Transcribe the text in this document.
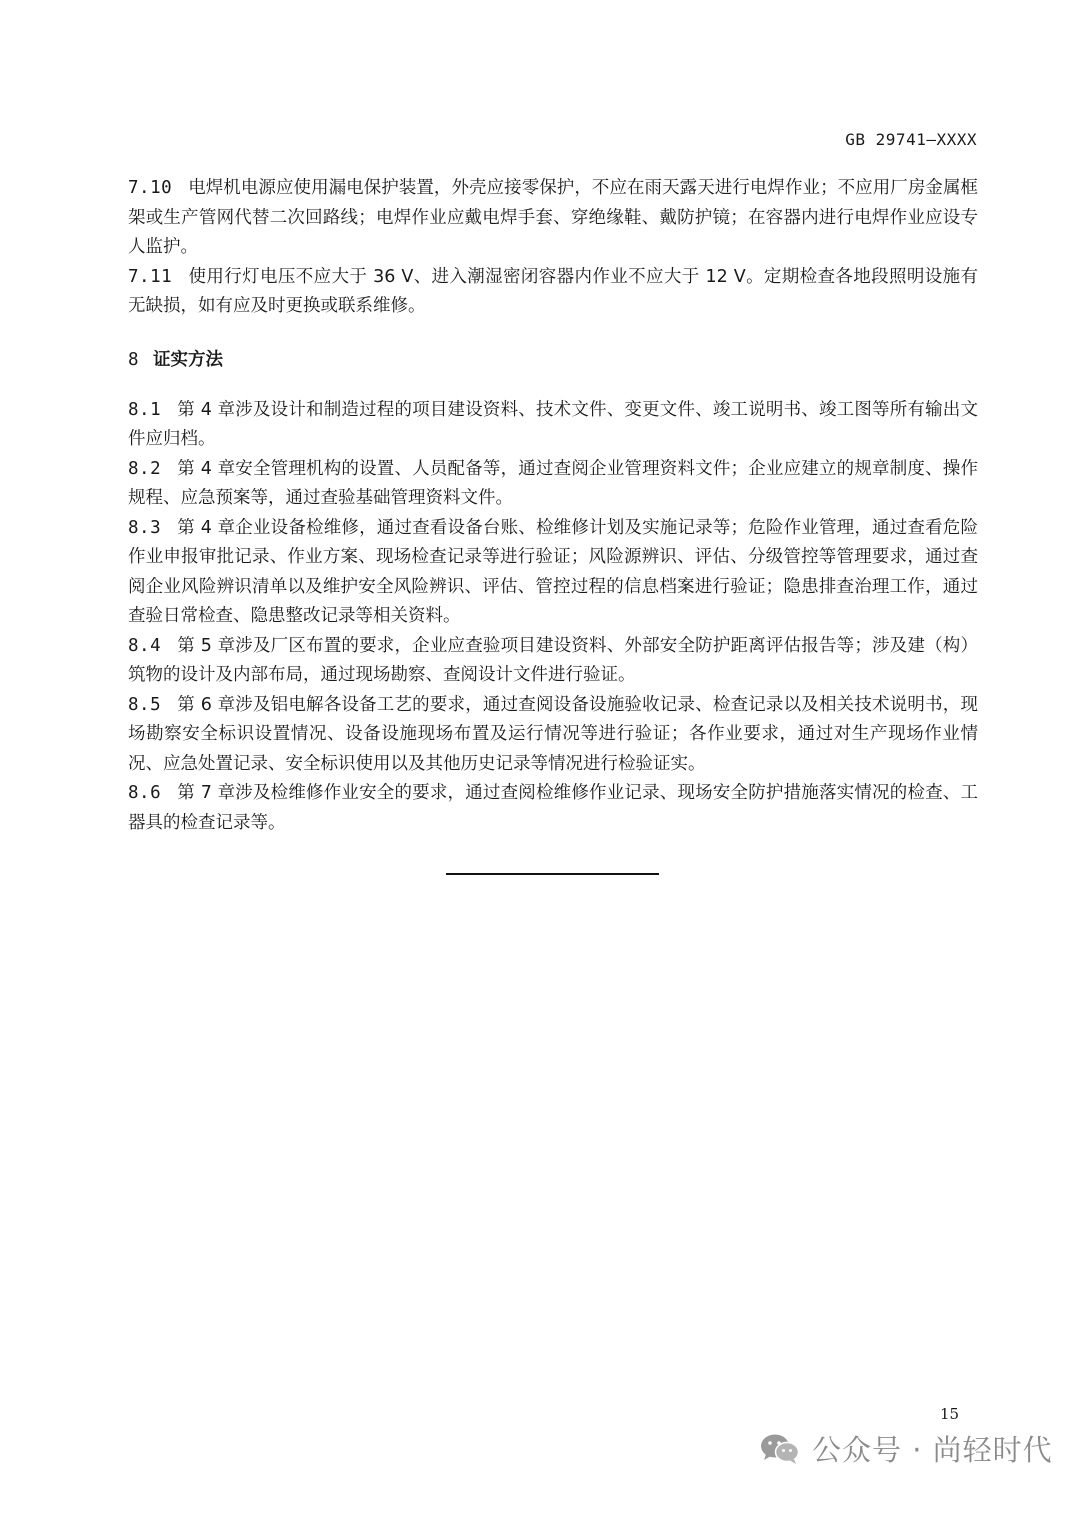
GB 29741—XXXX

7.10 电焊机电源应使用漏电保护装置，外壳应接零保护，不应在雨天露天进行电焊作业；不应用厂房金属框架或生产管网代替二次回路线；电焊作业应戴电焊手套、穿绝缘鞋、戴防护镜；在容器内进行电焊作业应设专人监护。

7.11 使用行灯电压不应大于 36 V、进入潮湿密闭容器内作业不应大于 12 V。定期检查各地段照明设施有无缺损，如有应及时更换或联系维修。

8 证实方法

8.1 第 4 章涉及设计和制造过程的项目建设资料、技术文件、变更文件、竣工说明书、竣工图等所有输出文件应归档。

8.2 第 4 章安全管理机构的设置、人员配备等，通过查阅企业管理资料文件；企业应建立的规章制度、操作规程、应急预案等，通过查验基础管理资料文件。

8.3 第 4 章企业设备检维修，通过查看设备台账、检维修计划及实施记录等；危险作业管理，通过查看危险作业申报审批记录、作业方案、现场检查记录等进行验证；风险源辨识、评估、分级管控等管理要求，通过查阅企业风险辨识清单以及维护安全风险辨识、评估、管控过程的信息档案进行验证；隐患排查治理工作，通过查验日常检查、隐患整改记录等相关资料。

8.4 第 5 章涉及厂区布置的要求，企业应查验项目建设资料、外部安全防护距离评估报告等；涉及建（构）筑物的设计及内部布局，通过现场勘察、查阅设计文件进行验证。

8.5 第 6 章涉及铝电解各设备工艺的要求，通过查阅设备设施验收记录、检查记录以及相关技术说明书，现场勘察安全标识设置情况、设备设施现场布置及运行情况等进行验证；各作业要求，通过对生产现场作业情况、应急处置记录、安全标识使用以及其他历史记录等情况进行检验证实。

8.6 第 7 章涉及检维修作业安全的要求，通过查阅检维修作业记录、现场安全防护措施落实情况的检查、工器具的检查记录等。

15
公众号 · 尚轻时代
